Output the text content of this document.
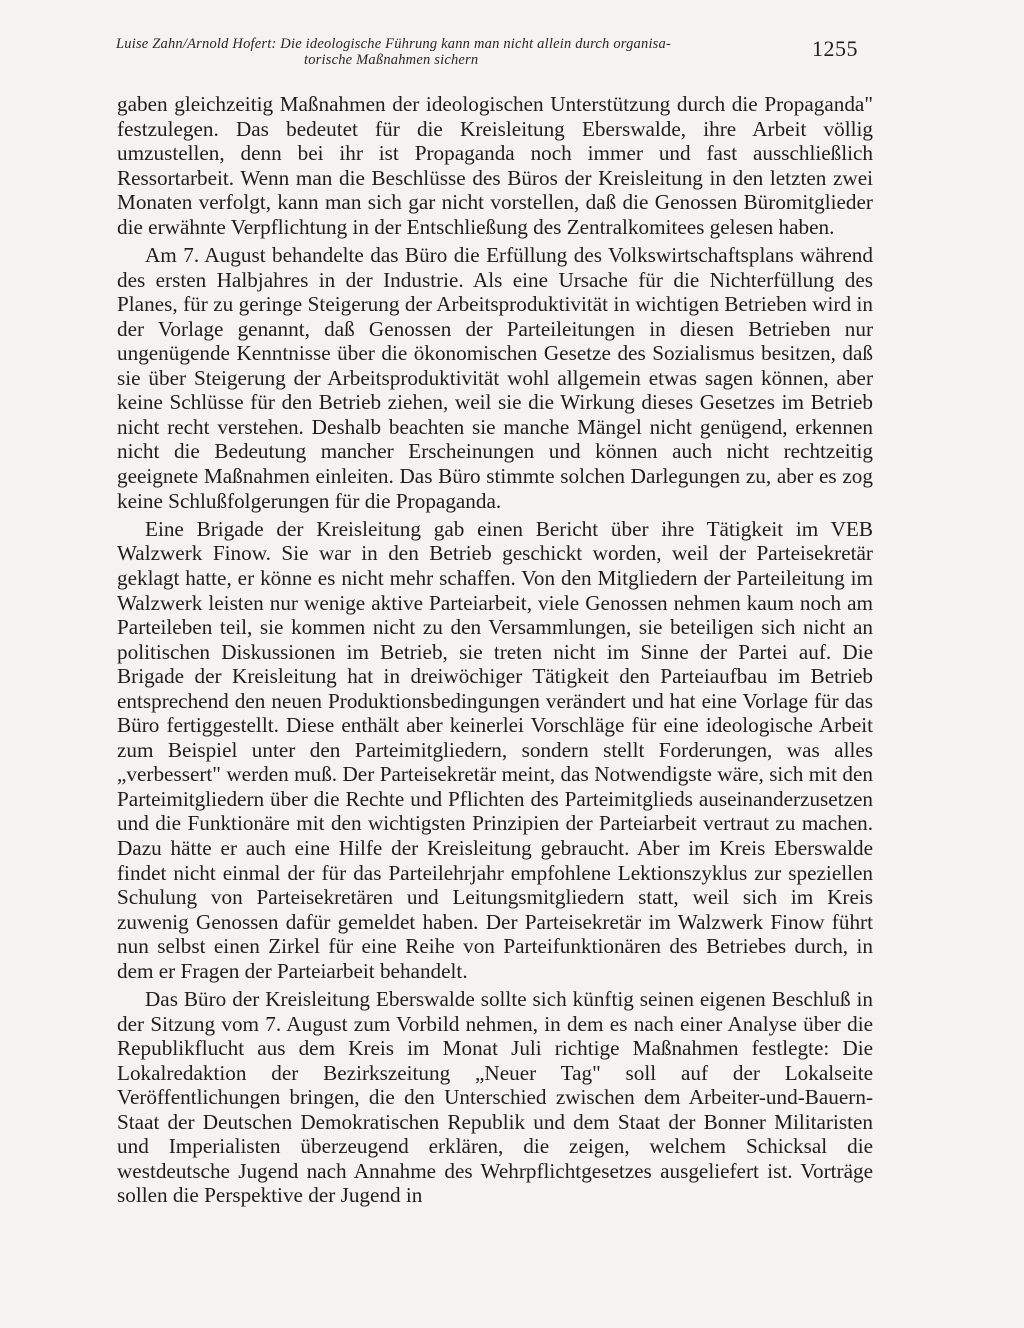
Luise Zahn/Arnold Hofert: Die ideologische Führung kann man nicht allein durch organisa-
torische Maßnahmen sichern	1255

gaben gleichzeitig Maßnahmen der ideologischen Unterstützung durch die Propaganda" festzulegen. Das bedeutet für die Kreisleitung Eberswalde, ihre Arbeit völlig umzustellen, denn bei ihr ist Propaganda noch immer und fast ausschließlich Ressortarbeit. Wenn man die Beschlüsse des Büros der Kreisleitung in den letzten zwei Monaten verfolgt, kann man sich gar nicht vorstellen, daß die Genossen Büromitglieder die erwähnte Verpflichtung in der Entschließung des Zentralkomitees gelesen haben.

Am 7. August behandelte das Büro die Erfüllung des Volkswirtschaftsplans während des ersten Halbjahres in der Industrie. Als eine Ursache für die Nichterfüllung des Planes, für zu geringe Steigerung der Arbeitsproduktivität in wichtigen Betrieben wird in der Vorlage genannt, daß Genossen der Parteileitungen in diesen Betrieben nur ungenügende Kenntnisse über die ökonomischen Gesetze des Sozialismus besitzen, daß sie über Steigerung der Arbeitsproduktivität wohl allgemein etwas sagen können, aber keine Schlüsse für den Betrieb ziehen, weil sie die Wirkung dieses Gesetzes im Betrieb nicht recht verstehen. Deshalb beachten sie manche Mängel nicht genügend, erkennen nicht die Bedeutung mancher Erscheinungen und können auch nicht rechtzeitig geeignete Maßnahmen einleiten. Das Büro stimmte solchen Darlegungen zu, aber es zog keine Schlußfolgerungen für die Propaganda.

Eine Brigade der Kreisleitung gab einen Bericht über ihre Tätigkeit im VEB Walzwerk Finow. Sie war in den Betrieb geschickt worden, weil der Parteisekretär geklagt hatte, er könne es nicht mehr schaffen. Von den Mitgliedern der Parteileitung im Walzwerk leisten nur wenige aktive Parteiarbeit, viele Genossen nehmen kaum noch am Parteileben teil, sie kommen nicht zu den Versammlungen, sie beteiligen sich nicht an politischen Diskussionen im Betrieb, sie treten nicht im Sinne der Partei auf. Die Brigade der Kreisleitung hat in dreiwöchiger Tätigkeit den Parteiaufbau im Betrieb entsprechend den neuen Produktionsbedingungen verändert und hat eine Vorlage für das Büro fertiggestellt. Diese enthält aber keinerlei Vorschläge für eine ideologische Arbeit zum Beispiel unter den Parteimitgliedern, sondern stellt Forderungen, was alles „verbessert" werden muß. Der Parteisekretär meint, das Notwendigste wäre, sich mit den Parteimitgliedern über die Rechte und Pflichten des Parteimitglieds auseinanderzusetzen und die Funktionäre mit den wichtigsten Prinzipien der Parteiarbeit vertraut zu machen. Dazu hätte er auch eine Hilfe der Kreisleitung gebraucht. Aber im Kreis Eberswalde findet nicht einmal der für das Parteilehrjahr empfohlene Lektionszyklus zur speziellen Schulung von Parteisekretären und Leitungsmitgliedern statt, weil sich im Kreis zuwenig Genossen dafür gemeldet haben. Der Parteisekretär im Walzwerk Finow führt nun selbst einen Zirkel für eine Reihe von Parteifunktionären des Betriebes durch, in dem er Fragen der Parteiarbeit behandelt.

Das Büro der Kreisleitung Eberswalde sollte sich künftig seinen eigenen Beschluß in der Sitzung vom 7. August zum Vorbild nehmen, in dem es nach einer Analyse über die Republikflucht aus dem Kreis im Monat Juli richtige Maßnahmen festlegte: Die Lokalredaktion der Bezirkszeitung „Neuer Tag" soll auf der Lokalseite Veröffentlichungen bringen, die den Unterschied zwischen dem Arbeiter-und-Bauern-Staat der Deutschen Demokratischen Republik und dem Staat der Bonner Militaristen und Imperialisten überzeugend erklären, die zeigen, welchem Schicksal die westdeutsche Jugend nach Annahme des Wehrpflichtgesetzes ausgeliefert ist. Vorträge sollen die Perspektive der Jugend in
